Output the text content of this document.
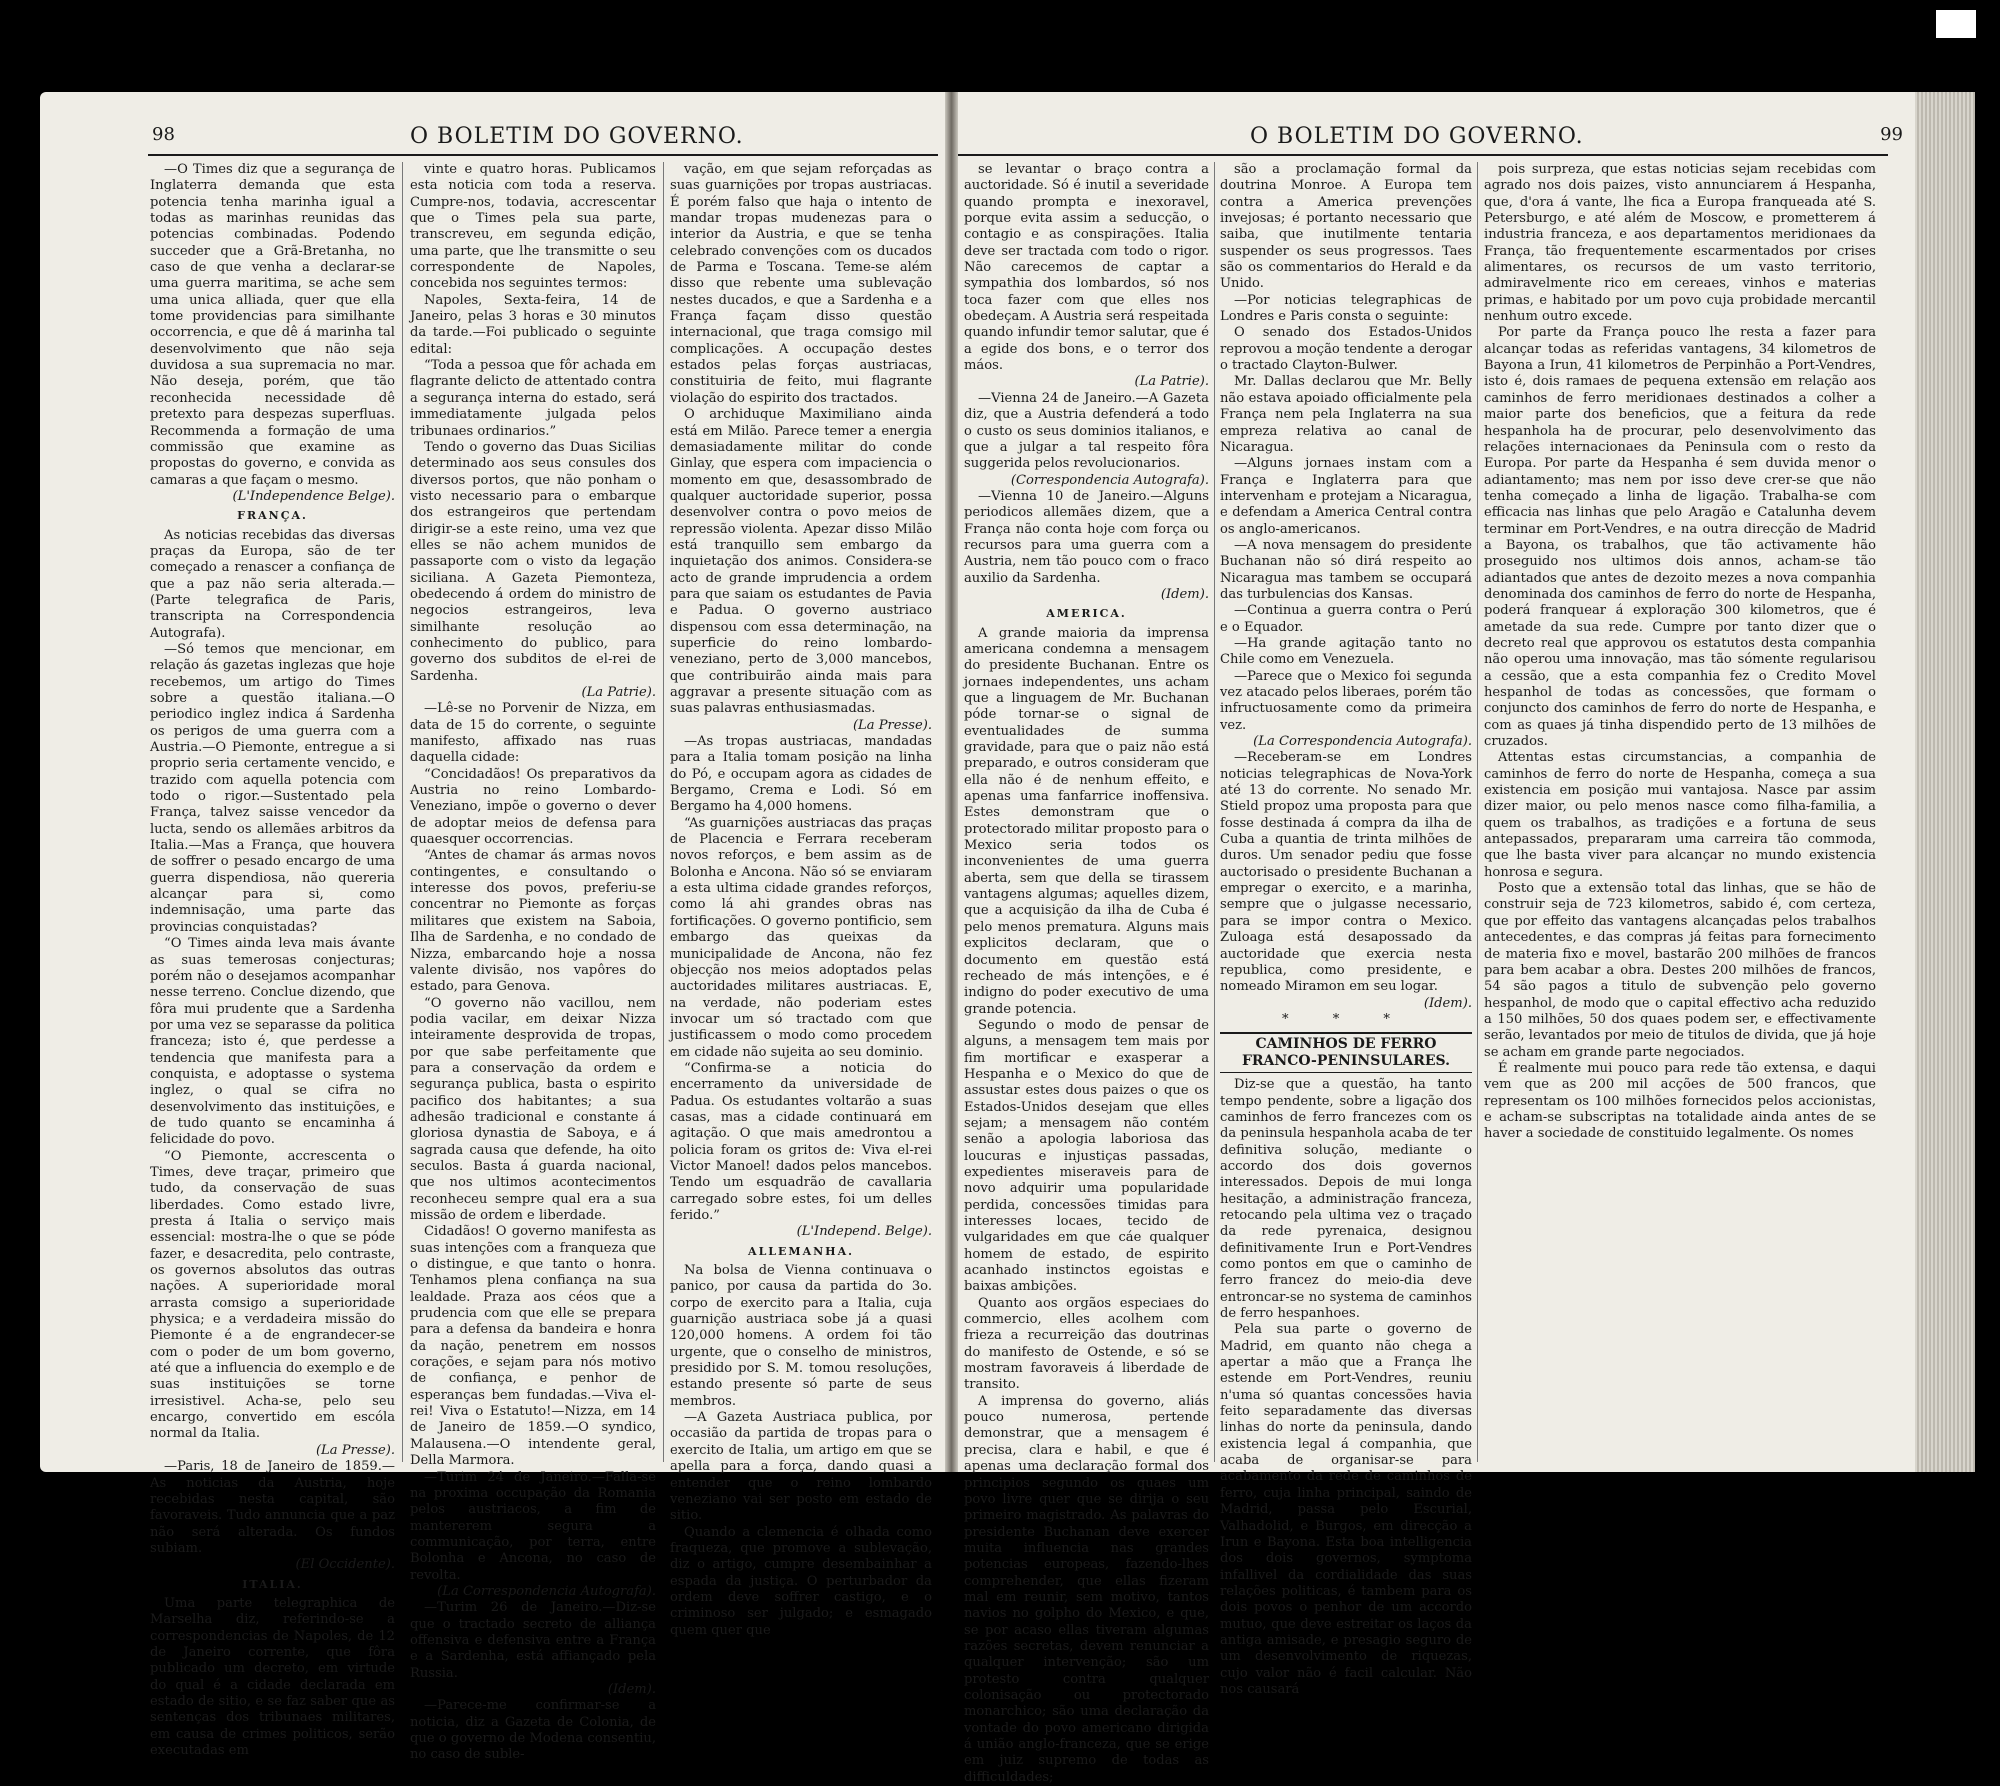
98	O BOLETIM DO GOVERNO.

—O Times diz que a segurança de Inglaterra demanda que esta potencia tenha marinha igual a todas as marinhas reunidas das potencias combinadas. Podendo succeder que a Grã-Bretanha, no caso de que venha a declarar-se uma guerra maritima, se ache sem uma unica alliada, quer que ella tome providencias para similhante occorrencia, e que dê á marinha tal desenvolvimento que não seja duvidosa a sua supremacia no mar. Não deseja, porém, que tão reconhecida necessidade dê pretexto para despezas superfluas. Recommenda a formação de uma commissão que examine as propostas do governo, e convida as camaras a que façam o mesmo.

(L'Independence Belge).

FRANÇA.

As noticias recebidas das diversas praças da Europa, são de ter começado a renascer a confiança de que a paz não seria alterada.—(Parte telegrafica de Paris, transcripta na Correspondencia Autografa).

—Só temos que mencionar, em relação ás gazetas inglezas que hoje recebemos, um artigo do Times sobre a questão italiana.—O periodico inglez indica á Sardenha os perigos de uma guerra com a Austria.—O Piemonte, entregue a si proprio seria certamente vencido, e trazido com aquella potencia com todo o rigor.—Sustentado pela França, talvez saisse vencedor da lucta, sendo os allemães arbitros da Italia.—Mas a França, que houvera de soffrer o pesado encargo de uma guerra dispendiosa, não quereria alcançar para si, como indemnisação, uma parte das provincias conquistadas?

“O Times ainda leva mais ávante as suas temerosas conjecturas; porém não o desejamos acompanhar nesse terreno. Conclue dizendo, que fôra mui prudente que a Sardenha por uma vez se separasse da politica franceza; isto é, que perdesse a tendencia que manifesta para a conquista, e adoptasse o systema inglez, o qual se cifra no desenvolvimento das instituições, e de tudo quanto se encaminha á felicidade do povo.

“O Piemonte, accrescenta o Times, deve traçar, primeiro que tudo, da conservação de suas liberdades. Como estado livre, presta á Italia o serviço mais essencial: mostra-lhe o que se póde fazer, e desacredita, pelo contraste, os governos absolutos das outras nações. A superioridade moral arrasta comsigo a superioridade physica; e a verdadeira missão do Piemonte é a de engrandecer-se com o poder de um bom governo, até que a influencia do exemplo e de suas instituições se torne irresistivel. Acha-se, pelo seu encargo, convertido em escóla normal da Italia.

(La Presse).

—Paris, 18 de Janeiro de 1859.—As noticias da Austria, hoje recebidas nesta capital, são favoraveis. Tudo annuncia que a paz não será alterada. Os fundos subiam.

(El Occidente).

ITALIA.

Uma parte telegraphica de Marselha diz, referindo-se a correspondencias de Napoles, de 12 de Janeiro corrente, que fôra publicado um decreto, em virtude do qual é a cidade declarada em estado de sitio, e se faz saber que as sentenças dos tribunaes militares, em causa de crimes politicos, serão executadas em

vinte e quatro horas. Publicamos esta noticia com toda a reserva. Cumpre-nos, todavia, accrescentar que o Times pela sua parte, transcreveu, em segunda edição, uma parte, que lhe transmitte o seu correspondente de Napoles, concebida nos seguintes termos:

Napoles, Sexta-feira, 14 de Janeiro, pelas 3 horas e 30 minutos da tarde.—Foi publicado o seguinte edital:

“Toda a pessoa que fôr achada em flagrante delicto de attentado contra a segurança interna do estado, será immediatamente julgada pelos tribunaes ordinarios.”

Tendo o governo das Duas Sicilias determinado aos seus consules dos diversos portos, que não ponham o visto necessario para o embarque dos estrangeiros que pertendam dirigir-se a este reino, uma vez que elles se não achem munidos de passaporte com o visto da legação siciliana. A Gazeta Piemonteza, obedecendo á ordem do ministro de negocios estrangeiros, leva similhante resolução ao conhecimento do publico, para governo dos subditos de el-rei de Sardenha.

(La Patrie).

—Lê-se no Porvenir de Nizza, em data de 15 do corrente, o seguinte manifesto, affixado nas ruas daquella cidade:

“Concidadãos! Os preparativos da Austria no reino Lombardo-Veneziano, impõe o governo o dever de adoptar meios de defensa para quaesquer occorrencias.

“Antes de chamar ás armas novos contingentes, e consultando o interesse dos povos, preferiu-se concentrar no Piemonte as forças militares que existem na Saboia, Ilha de Sardenha, e no condado de Nizza, embarcando hoje a nossa valente divisão, nos vapôres do estado, para Genova.

“O governo não vacillou, nem podia vacilar, em deixar Nizza inteiramente desprovida de tropas, por que sabe perfeitamente que para a conservação da ordem e segurança publica, basta o espirito pacifico dos habitantes; a sua adhesão tradicional e constante á gloriosa dynastia de Saboya, e á sagrada causa que defende, ha oito seculos. Basta á guarda nacional, que nos ultimos acontecimentos reconheceu sempre qual era a sua missão de ordem e liberdade.

Cidadãos! O governo manifesta as suas intenções com a franqueza que o distingue, e que tanto o honra. Tenhamos plena confiança na sua lealdade. Praza aos céos que a prudencia com que elle se prepara para a defensa da bandeira e honra da nação, penetrem em nossos corações, e sejam para nós motivo de confiança, e penhor de esperanças bem fundadas.—Viva el-rei! Viva o Estatuto!—Nizza, em 14 de Janeiro de 1859.—O syndico, Malausena.—O intendente geral, Della Marmora.

—Turim 24 de Janeiro.—Falla-se na proxima occupação da Romania pelos austriacos, a fim de mantererem segura a communicação, por terra, entre Bolonha e Ancona, no caso de revolta.

(La Correspondencia Autografa).

—Turim 26 de Janeiro.—Diz-se que o tractado secreto de alliança offensiva e defensiva entre a França e a Sardenha, está affiançado pela Russia.

(Idem).

—Parece-me confirmar-se a noticia, diz a Gazeta de Colonia, de que o governo de Modena consentiu, no caso de suble-

vação, em que sejam reforçadas as suas guarnições por tropas austriacas. É porém falso que haja o intento de mandar tropas mudenezas para o interior da Austria, e que se tenha celebrado convenções com os ducados de Parma e Toscana. Teme-se além disso que rebente uma sublevação nestes ducados, e que a Sardenha e a França façam disso questão internacional, que traga comsigo mil complicações. A occupação destes estados pelas forças austriacas, constituiria de feito, mui flagrante violação do espirito dos tractados.

O archiduque Maximiliano ainda está em Milão. Parece temer a energia demasiadamente militar do conde Ginlay, que espera com impaciencia o momento em que, desassombrado de qualquer auctoridade superior, possa desenvolver contra o povo meios de repressão violenta. Apezar disso Milão está tranquillo sem embargo da inquietação dos animos. Considera-se acto de grande imprudencia a ordem para que saiam os estudantes de Pavia e Padua. O governo austriaco dispensou com essa determinação, na superficie do reino lombardo-veneziano, perto de 3,000 mancebos, que contribuirão ainda mais para aggravar a presente situação com as suas palavras enthusiasmadas.

(La Presse).

—As tropas austriacas, mandadas para a Italia tomam posição na linha do Pó, e occupam agora as cidades de Bergamo, Crema e Lodi. Só em Bergamo ha 4,000 homens.

“As guarnições austriacas das praças de Placencia e Ferrara receberam novos reforços, e bem assim as de Bolonha e Ancona. Não só se enviaram a esta ultima cidade grandes reforços, como lá ahi grandes obras nas fortificações. O governo pontificio, sem embargo das queixas da municipalidade de Ancona, não fez objecção nos meios adoptados pelas auctoridades militares austriacas. E, na verdade, não poderiam estes invocar um só tractado com que justificassem o modo como procedem em cidade não sujeita ao seu dominio.

“Confirma-se a noticia do encerramento da universidade de Padua. Os estudantes voltarão a suas casas, mas a cidade continuará em agitação. O que mais amedrontou a policia foram os gritos de: Viva el-rei Victor Manoel! dados pelos mancebos. Tendo um esquadrão de cavallaria carregado sobre estes, foi um delles ferido.”

(L'Independ. Belge).

ALLEMANHA.

Na bolsa de Vienna continuava o panico, por causa da partida do 3o. corpo de exercito para a Italia, cuja guarnição austriaca sobe já a quasi 120,000 homens. A ordem foi tão urgente, que o conselho de ministros, presidido por S. M. tomou resoluções, estando presente só parte de seus membros.

—A Gazeta Austriaca publica, por occasião da partida de tropas para o exercito de Italia, um artigo em que se apella para a força, dando quasi a entender que o reino lombardo veneziano vai ser posto em estado de sitio.

Quando a clemencia é olhada como fraqueza, que promove a sublevação, diz o artigo, cumpre desembainhar a espada da justiça. O perturbador da ordem deve soffrer castigo, e o criminoso ser julgado; e esmagado quem quer que

99
O BOLETIM DO GOVERNO.

se levantar o braço contra a auctoridade. Só é inutil a severidade quando prompta e inexoravel, porque evita assim a seducção, o contagio e as conspirações. Italia deve ser tractada com todo o rigor. Não carecemos de captar a sympathia dos lombardos, só nos toca fazer com que elles nos obedeçam. A Austria será respeitada quando infundir temor salutar, que é a egide dos bons, e o terror dos máos.

(La Patrie).

—Vienna 24 de Janeiro.—A Gazeta diz, que a Austria defenderá a todo o custo os seus dominios italianos, e que a julgar a tal respeito fôra suggerida pelos revolucionarios.

(Correspondencia Autografa).

—Vienna 10 de Janeiro.—Alguns periodicos allemães dizem, que a França não conta hoje com força ou recursos para uma guerra com a Austria, nem tão pouco com o fraco auxilio da Sardenha.

(Idem).

AMERICA.

A grande maioria da imprensa americana condemna a mensagem do presidente Buchanan. Entre os jornaes independentes, uns acham que a linguagem de Mr. Buchanan póde tornar-se o signal de eventualidades de summa gravidade, para que o paiz não está preparado, e outros consideram que ella não é de nenhum effeito, e apenas uma fanfarrice inoffensiva. Estes demonstram que o protectorado militar proposto para o Mexico seria todos os inconvenientes de uma guerra aberta, sem que della se tirassem vantagens algumas; aquelles dizem, que a acquisição da ilha de Cuba é pelo menos prematura. Alguns mais explicitos declaram, que o documento em questão está recheado de más intenções, e é indigno do poder executivo de uma grande potencia.

Segundo o modo de pensar de alguns, a mensagem tem mais por fim mortificar e exasperar a Hespanha e o Mexico do que de assustar estes dous paizes o que os Estados-Unidos desejam que elles sejam; a mensagem não contém senão a apologia laboriosa das loucuras e injustiças passadas, expedientes miseraveis para de novo adquirir uma popularidade perdida, concessões timidas para interesses locaes, tecido de vulgaridades em que cáe qualquer homem de estado, de espirito acanhado instinctos egoistas e baixas ambições.

Quanto aos orgãos especiaes do commercio, elles acolhem com frieza a recurreição das doutrinas do manifesto de Ostende, e só se mostram favoraveis á liberdade de transito.

A imprensa do governo, aliás pouco numerosa, pertende demonstrar, que a mensagem é precisa, clara e habil, e que é apenas uma declaração formal dos principios segundo os quaes um povo livre quer que se dirija o seu primeiro magistrado. As palavras do presidente Buchanan deve exercer muita influencia nas grandes potencias europeas, fazendo-lhes comprehender, que ellas fizeram mal em reunir, sem motivo, tantos navios no golpho do Mexico, e que, se por acaso ellas tiveram algumas razões secretas, devem renunciar a qualquer intervenção; são um protesto contra qualquer colonisação ou protectorado monarchico; são uma declaração da vontade do povo americano dirigida á união anglo-franceza, que se erige em juiz supremo de todas as difficuldades;

são a proclamação formal da doutrina Monroe. A Europa tem contra a America prevenções invejosas; é portanto necessario que saiba, que inutilmente tentaria suspender os seus progressos. Taes são os commentarios do Herald e da Unido.

—Por noticias telegraphicas de Londres e Paris consta o seguinte:

O senado dos Estados-Unidos reprovou a moção tendente a derogar o tractado Clayton-Bulwer.

Mr. Dallas declarou que Mr. Belly não estava apoiado officialmente pela França nem pela Inglaterra na sua empreza relativa ao canal de Nicaragua.

—Alguns jornaes instam com a França e Inglaterra para que intervenham e protejam a Nicaragua, e defendam a America Central contra os anglo-americanos.

—A nova mensagem do presidente Buchanan não só dirá respeito ao Nicaragua mas tambem se occupará das turbulencias dos Kansas.

—Continua a guerra contra o Perú e o Equador.

—Ha grande agitação tanto no Chile como em Venezuela.

—Parece que o Mexico foi segunda vez atacado pelos liberaes, porém tão infructuosamente como da primeira vez.

(La Correspondencia Autografa).

—Receberam-se em Londres noticias telegraphicas de Nova-York até 13 do corrente. No senado Mr. Stield propoz uma proposta para que fosse destinada á compra da ilha de Cuba a quantia de trinta milhões de duros. Um senador pediu que fosse auctorisado o presidente Buchanan a empregar o exercito, e a marinha, sempre que o julgasse necessario, para se impor contra o Mexico. Zuloaga está desapossado da auctoridade que exercia nesta republica, como presidente, e nomeado Miramon em seu logar.

(Idem).

* * *
CAMINHOS DE FERRO FRANCO-PENINSULARES.

Diz-se que a questão, ha tanto tempo pendente, sobre a ligação dos caminhos de ferro francezes com os da peninsula hespanhola acaba de ter definitiva solução, mediante o accordo dos dois governos interessados. Depois de mui longa hesitação, a administração franceza, retocando pela ultima vez o traçado da rede pyrenaica, designou definitivamente Irun e Port-Vendres como pontos em que o caminho de ferro francez do meio-dia deve entroncar-se no systema de caminhos de ferro hespanhoes.

Pela sua parte o governo de Madrid, em quanto não chega a apertar a mão que a França lhe estende em Port-Vendres, reuniu n'uma só quantas concessões havia feito separadamente das diversas linhas do norte da peninsula, dando existencia legal á companhia, que acaba de organisar-se para acabamento da rede de caminhos de ferro, cuja linha principal, saindo de Madrid, passa pelo Escurial, Valhadolid, e Burgos, em direcção a Irun e Bayona. Esta boa intelligencia dos dois governos, symptoma infallivel da cordialidade das suas relações politicas, é tambem para os dois povos o penhor de um accordo mutuo, que deve estreitar os laços da antiga amisade, e presagio seguro de um desenvolvimento de riquezas, cujo valor não é facil calcular. Não nos causará

pois surpreza, que estas noticias sejam recebidas com agrado nos dois paizes, visto annunciarem á Hespanha, que, d'ora á vante, lhe fica a Europa franqueada até S. Petersburgo, e até além de Moscow, e prometterem á industria franceza, e aos departamentos meridionaes da França, tão frequentemente escarmentados por crises alimentares, os recursos de um vasto territorio, admiravelmente rico em cereaes, vinhos e materias primas, e habitado por um povo cuja probidade mercantil nenhum outro excede.

Por parte da França pouco lhe resta a fazer para alcançar todas as referidas vantagens, 34 kilometros de Bayona a Irun, 41 kilometros de Perpinhão a Port-Vendres, isto é, dois ramaes de pequena extensão em relação aos caminhos de ferro meridionaes destinados a colher a maior parte dos beneficios, que a feitura da rede hespanhola ha de procurar, pelo desenvolvimento das relações internacionaes da Peninsula com o resto da Europa. Por parte da Hespanha é sem duvida menor o adiantamento; mas nem por isso deve crer-se que não tenha começado a linha de ligação. Trabalha-se com efficacia nas linhas que pelo Aragão e Catalunha devem terminar em Port-Vendres, e na outra direcção de Madrid a Bayona, os trabalhos, que tão activamente hão proseguido nos ultimos dois annos, acham-se tão adiantados que antes de dezoito mezes a nova companhia denominada dos caminhos de ferro do norte de Hespanha, poderá franquear á exploração 300 kilometros, que é ametade da sua rede. Cumpre por tanto dizer que o decreto real que approvou os estatutos desta companhia não operou uma innovação, mas tão sómente regularisou a cessão, que a esta companhia fez o Credito Movel hespanhol de todas as concessões, que formam o conjuncto dos caminhos de ferro do norte de Hespanha, e com as quaes já tinha dispendido perto de 13 milhões de cruzados.

Attentas estas circumstancias, a companhia de caminhos de ferro do norte de Hespanha, começa a sua existencia em posição mui vantajosa. Nasce par assim dizer maior, ou pelo menos nasce como filha-familia, a quem os trabalhos, as tradições e a fortuna de seus antepassados, prepararam uma carreira tão commoda, que lhe basta viver para alcançar no mundo existencia honrosa e segura.

Posto que a extensão total das linhas, que se hão de construir seja de 723 kilometros, sabido é, com certeza, que por effeito das vantagens alcançadas pelos trabalhos antecedentes, e das compras já feitas para fornecimento de materia fixo e movel, bastarão 200 milhões de francos para bem acabar a obra. Destes 200 milhões de francos, 54 são pagos a titulo de subvenção pelo governo hespanhol, de modo que o capital effectivo acha reduzido a 150 milhões, 50 dos quaes podem ser, e effectivamente serão, levantados por meio de titulos de divida, que já hoje se acham em grande parte negociados.

É realmente mui pouco para rede tão extensa, e daqui vem que as 200 mil acções de 500 francos, que representam os 100 milhões fornecidos pelos accionistas, e acham-se subscriptas na totalidade ainda antes de se haver a sociedade de constituido legalmente. Os nomes
